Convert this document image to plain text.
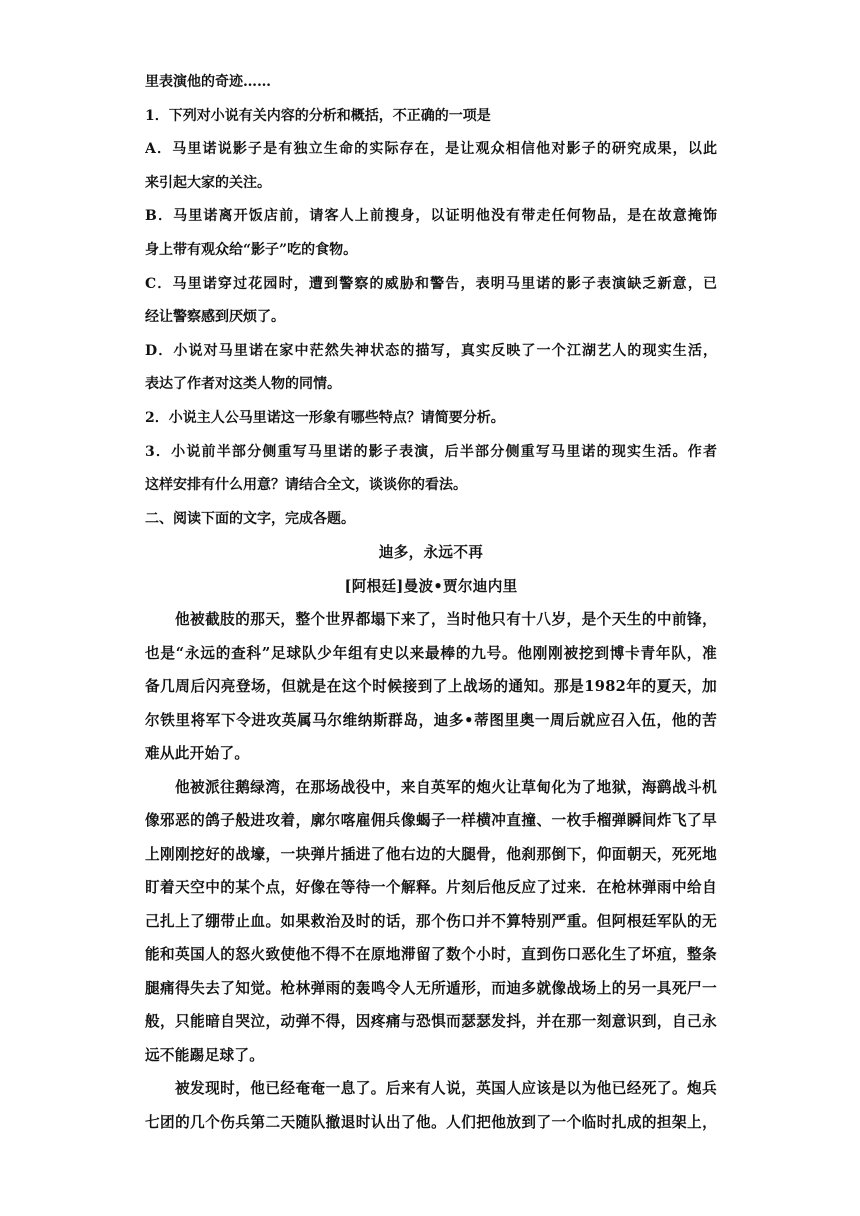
里表演他的奇迹……
1．下列对小说有关内容的分析和概括，不正确的一项是
A．马里诺说影子是有独立生命的实际存在，是让观众相信他对影子的研究成果，以此
来引起大家的关注。
B．马里诺离开饭店前，请客人上前搜身，以证明他没有带走任何物品，是在故意掩饰
身上带有观众给“影子”吃的食物。
C．马里诺穿过花园时，遭到警察的威胁和警告，表明马里诺的影子表演缺乏新意，已
经让警察感到厌烦了。
D．小说对马里诺在家中茫然失神状态的描写，真实反映了一个江湖艺人的现实生活，
表达了作者对这类人物的同情。
2．小说主人公马里诺这一形象有哪些特点？请简要分析。
3．小说前半部分侧重写马里诺的影子表演，后半部分侧重写马里诺的现实生活。作者
这样安排有什么用意？请结合全文，谈谈你的看法。
二、阅读下面的文字，完成各题。
迪多，永远不再
[阿根廷]曼波•贾尔迪内里
他被截肢的那天，整个世界都塌下来了，当时他只有十八岁，是个天生的中前锋，
也是“永远的查科”足球队少年组有史以来最棒的九号。他刚刚被挖到博卡青年队，准
备几周后闪亮登场，但就是在这个时候接到了上战场的通知。那是1982年的夏天，加
尔铁里将军下令进攻英属马尔维纳斯群岛，迪多•蒂图里奥一周后就应召入伍，他的苦
难从此开始了。
他被派往鹅绿湾，在那场战役中，来自英军的炮火让草甸化为了地狱，海鹞战斗机
像邪恶的鸽子般进攻着，廓尔喀雇佣兵像蝎子一样横冲直撞、一枚手榴弹瞬间炸飞了早
上刚刚挖好的战壕，一块弹片插进了他右边的大腿骨，他刹那倒下，仰面朝天，死死地
盯着天空中的某个点，好像在等待一个解释。片刻后他反应了过来．在枪林弹雨中给自
己扎上了绷带止血。如果救治及时的话，那个伤口并不算特别严重。但阿根廷军队的无
能和英国人的怒火致使他不得不在原地滞留了数个小时，直到伤口恶化生了坏疽，整条
腿痛得失去了知觉。枪林弹雨的轰鸣令人无所遁形，而迪多就像战场上的另一具死尸一
般，只能暗自哭泣，动弹不得，因疼痛与恐惧而瑟瑟发抖，并在那一刻意识到，自己永
远不能踢足球了。
被发现时，他已经奄奄一息了。后来有人说，英国人应该是以为他已经死了。炮兵
七团的几个伤兵第二天随队撤退时认出了他。人们把他放到了一个临时扎成的担架上，
